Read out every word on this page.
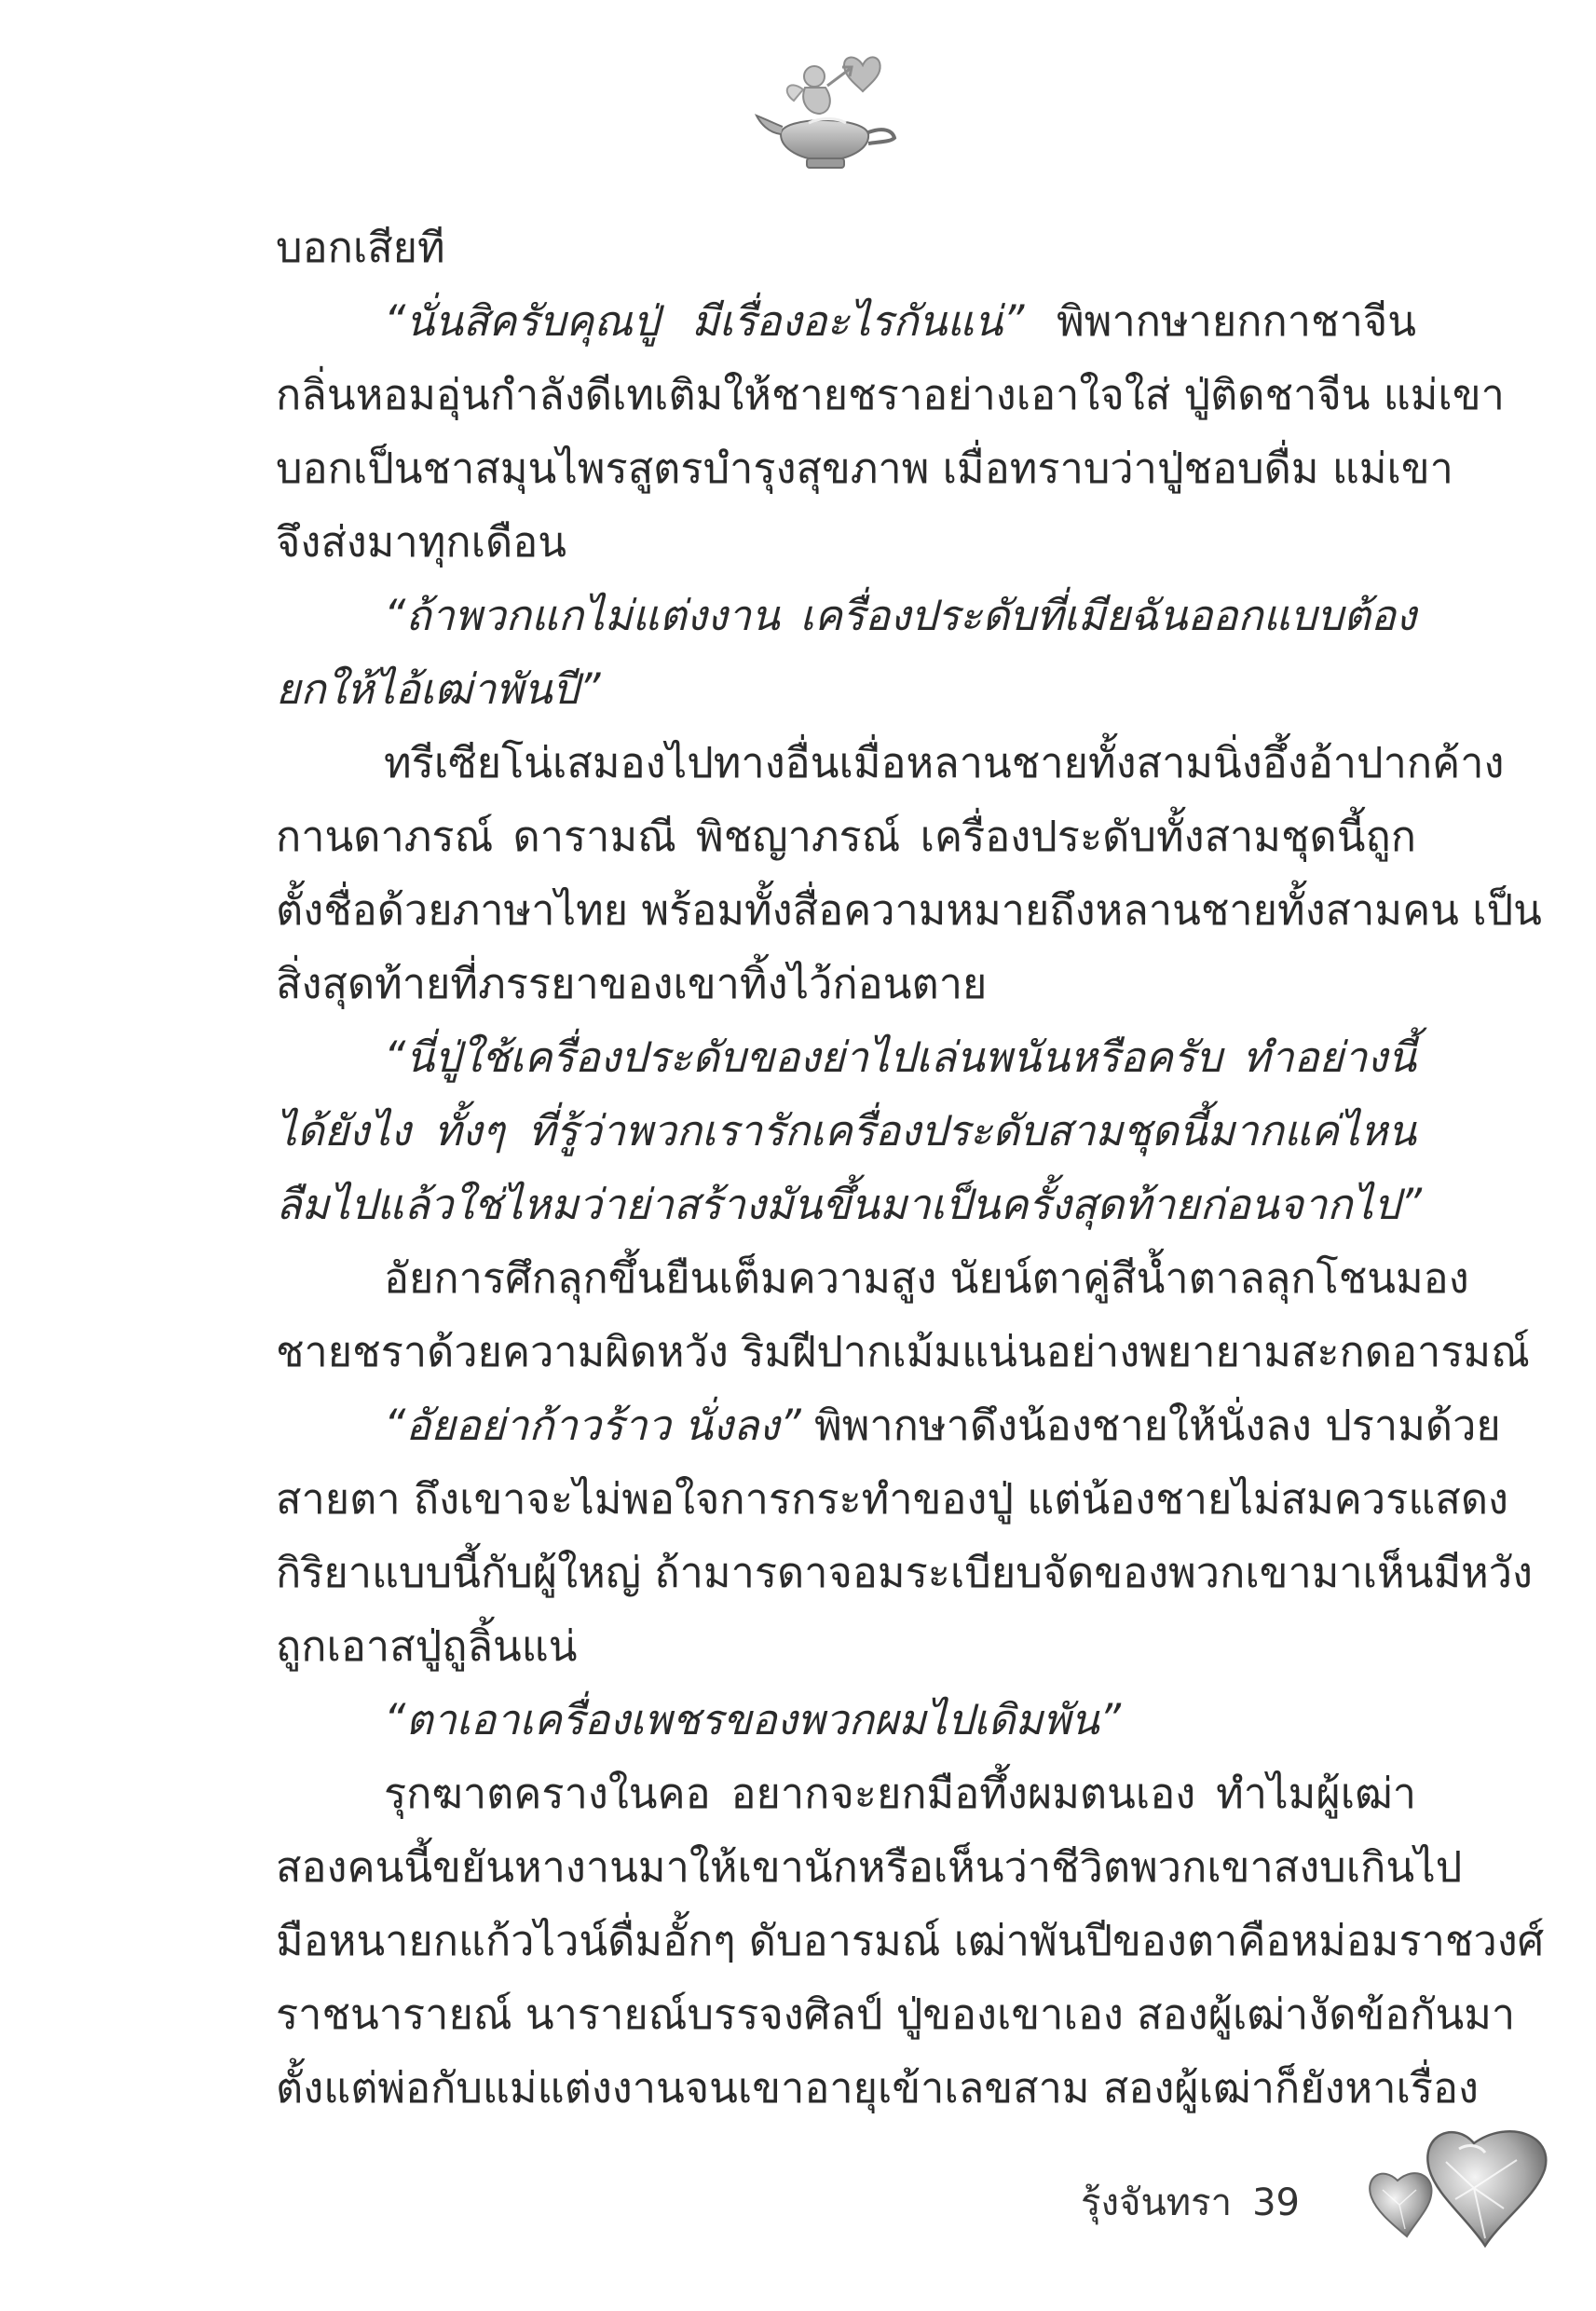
บอกเสียที
“นั่นสิครับคุณปู่ มีเรื่องอะไรกันแน่” พิพากษายกกาชาจีน
กลิ่นหอมอุ่นกำลังดีเทเติมให้ชายชราอย่างเอาใจใส่ ปู่ติดชาจีน แม่เขา
บอกเป็นชาสมุนไพรสูตรบำรุงสุขภาพ เมื่อทราบว่าปู่ชอบดื่ม แม่เขา
จึงส่งมาทุกเดือน
“ถ้าพวกแกไม่แต่งงาน เครื่องประดับที่เมียฉันออกแบบต้อง
ยกให้ไอ้เฒ่าพันปี”
ทรีเซียโน่เสมองไปทางอื่นเมื่อหลานชายทั้งสามนิ่งอึ้งอ้าปากค้าง
กานดาภรณ์ ดารามณี พิชญาภรณ์ เครื่องประดับทั้งสามชุดนี้ถูก
ตั้งชื่อด้วยภาษาไทย พร้อมทั้งสื่อความหมายถึงหลานชายทั้งสามคน เป็น
สิ่งสุดท้ายที่ภรรยาของเขาทิ้งไว้ก่อนตาย
“นี่ปู่ใช้เครื่องประดับของย่าไปเล่นพนันหรือครับ ทำอย่างนี้
ได้ยังไง ทั้งๆ ที่รู้ว่าพวกเรารักเครื่องประดับสามชุดนี้มากแค่ไหน
ลืมไปแล้วใช่ไหมว่าย่าสร้างมันขึ้นมาเป็นครั้งสุดท้ายก่อนจากไป”
อัยการศึกลุกขึ้นยืนเต็มความสูง นัยน์ตาคู่สีน้ำตาลลุกโชนมอง
ชายชราด้วยความผิดหวัง ริมฝีปากเม้มแน่นอย่างพยายามสะกดอารมณ์
“อัยอย่าก้าวร้าว นั่งลง” พิพากษาดึงน้องชายให้นั่งลง ปรามด้วย
สายตา ถึงเขาจะไม่พอใจการกระทำของปู่ แต่น้องชายไม่สมควรแสดง
กิริยาแบบนี้กับผู้ใหญ่ ถ้ามารดาจอมระเบียบจัดของพวกเขามาเห็นมีหวัง
ถูกเอาสปู่ถูลิ้นแน่
“ตาเอาเครื่องเพชรของพวกผมไปเดิมพัน”
รุกฆาตครางในคอ อยากจะยกมือทึ้งผมตนเอง ทำไมผู้เฒ่า
สองคนนี้ขยันหางานมาให้เขานักหรือเห็นว่าชีวิตพวกเขาสงบเกินไป
มือหนายกแก้วไวน์ดื่มอั้กๆ ดับอารมณ์ เฒ่าพันปีของตาคือหม่อมราชวงศ์
ราชนารายณ์ นารายณ์บรรจงศิลป์ ปู่ของเขาเอง สองผู้เฒ่างัดข้อกันมา
ตั้งแต่พ่อกับแม่แต่งงานจนเขาอายุเข้าเลขสาม สองผู้เฒ่าก็ยังหาเรื่อง
รุ้งจันทรา 39
